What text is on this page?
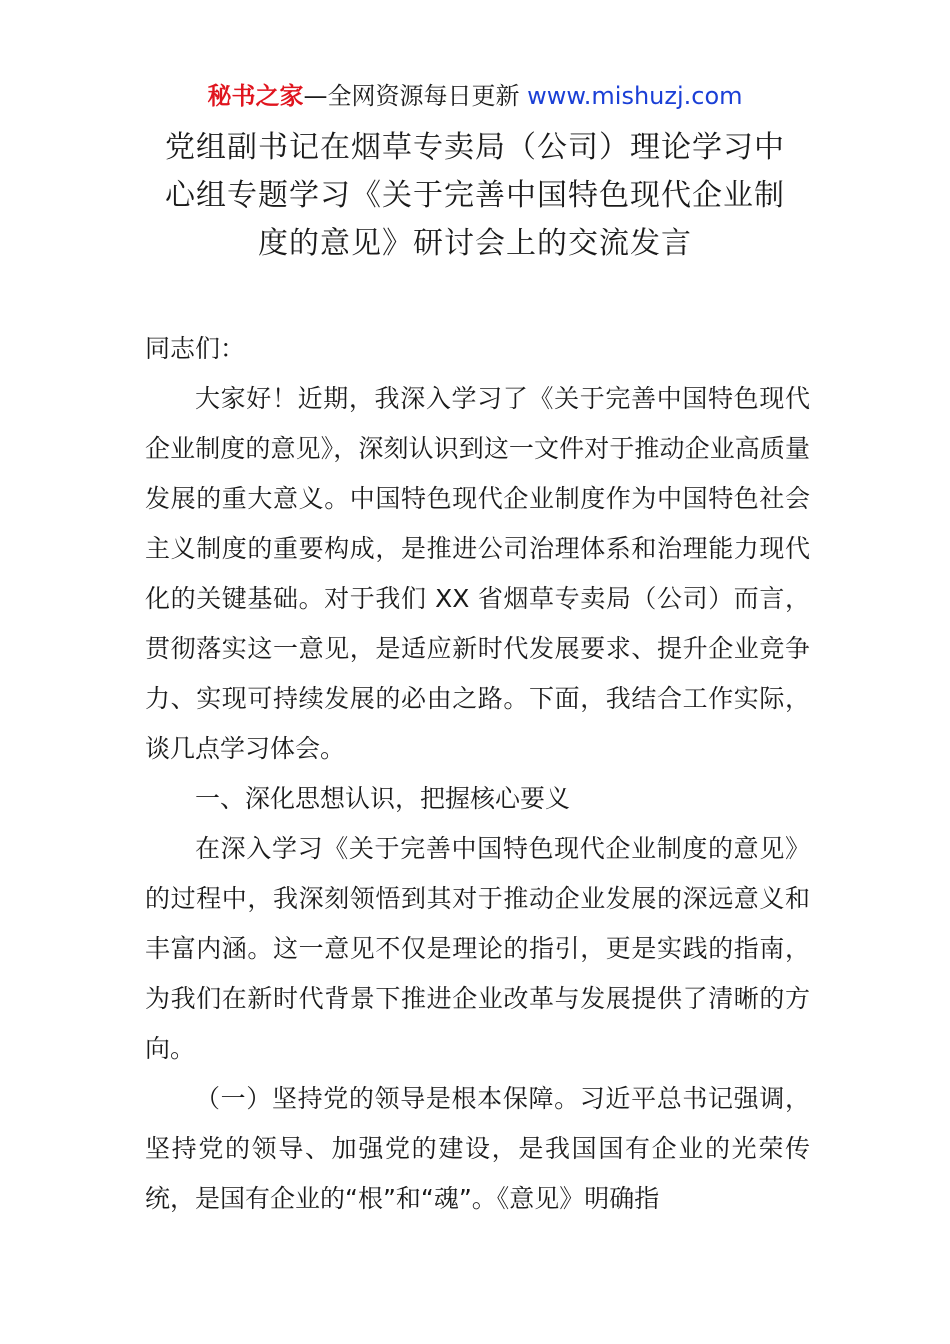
秘书之家—全网资源每日更新 www.mishuzj.com
党组副书记在烟草专卖局（公司）理论学习中
心组专题学习《关于完善中国特色现代企业制
度的意见》研讨会上的交流发言

同志们：

大家好！近期，我深入学习了《关于完善中国特色现代企业制度的意见》，深刻认识到这一文件对于推动企业高质量发展的重大意义。中国特色现代企业制度作为中国特色社会主义制度的重要构成，是推进公司治理体系和治理能力现代化的关键基础。对于我们 XX 省烟草专卖局（公司）而言，贯彻落实这一意见，是适应新时代发展要求、提升企业竞争力、实现可持续发展的必由之路。下面，我结合工作实际，谈几点学习体会。

一、深化思想认识，把握核心要义

在深入学习《关于完善中国特色现代企业制度的意见》的过程中，我深刻领悟到其对于推动企业发展的深远意义和丰富内涵。这一意见不仅是理论的指引，更是实践的指南，为我们在新时代背景下推进企业改革与发展提供了清晰的方向。

（一）坚持党的领导是根本保障。习近平总书记强调，坚持党的领导、加强党的建设，是我国国有企业的光荣传统，是国有企业的“根”和“魂”。《意见》明确指
